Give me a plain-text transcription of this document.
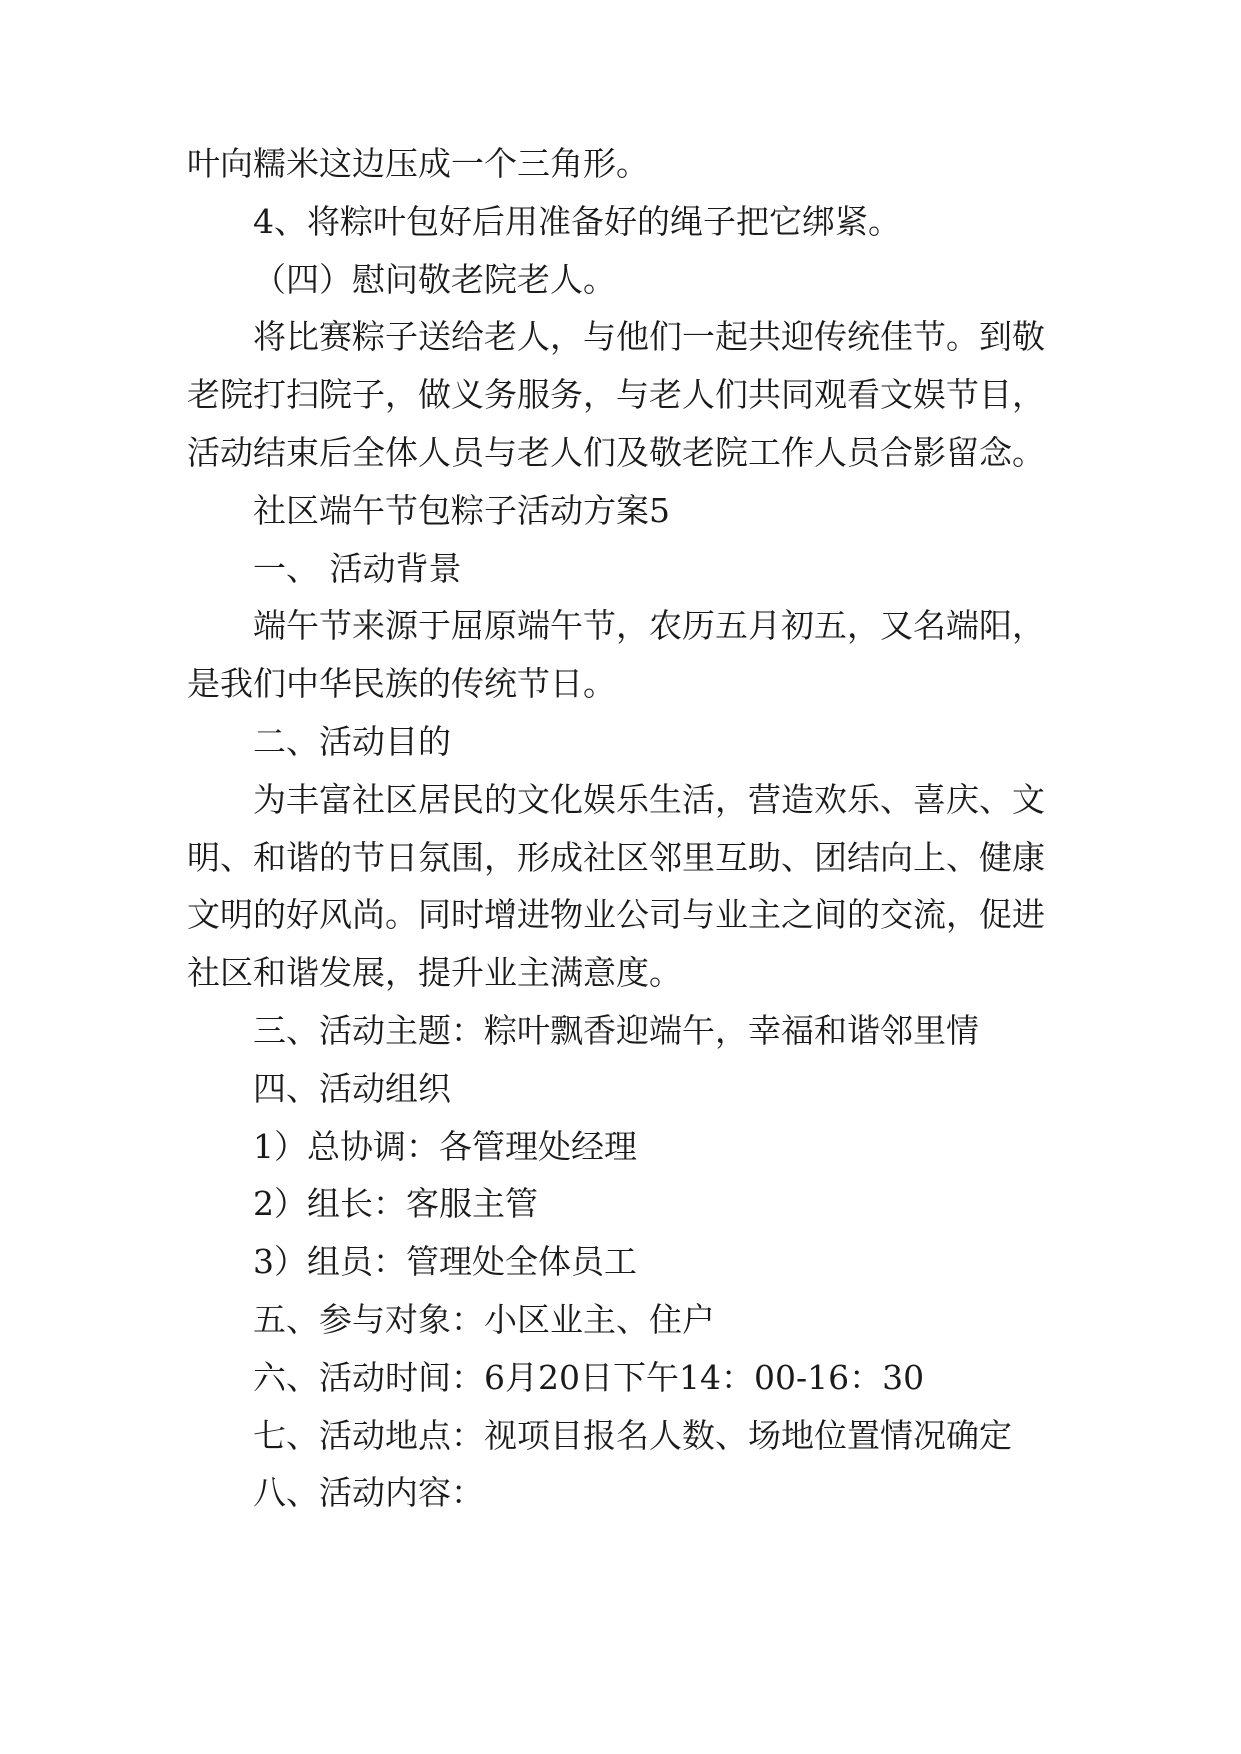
叶向糯米这边压成一个三角形。
4、将粽叶包好后用准备好的绳子把它绑紧。
（四）慰问敬老院老人。
将比赛粽子送给老人，与他们一起共迎传统佳节。到敬
老院打扫院子，做义务服务，与老人们共同观看文娱节目，
活动结束后全体人员与老人们及敬老院工作人员合影留念。
社区端午节包粽子活动方案5
一、 活动背景
端午节来源于屈原端午节，农历五月初五，又名端阳，
是我们中华民族的传统节日。
二、活动目的
为丰富社区居民的文化娱乐生活，营造欢乐、喜庆、文
明、和谐的节日氛围，形成社区邻里互助、团结向上、健康
文明的好风尚。同时增进物业公司与业主之间的交流，促进
社区和谐发展，提升业主满意度。
三、活动主题：粽叶飘香迎端午，幸福和谐邻里情
四、活动组织
1）总协调：各管理处经理
2）组长：客服主管
3）组员：管理处全体员工
五、参与对象：小区业主、住户
六、活动时间：6月20日下午14：00-16：30
七、活动地点：视项目报名人数、场地位置情况确定
八、活动内容：
